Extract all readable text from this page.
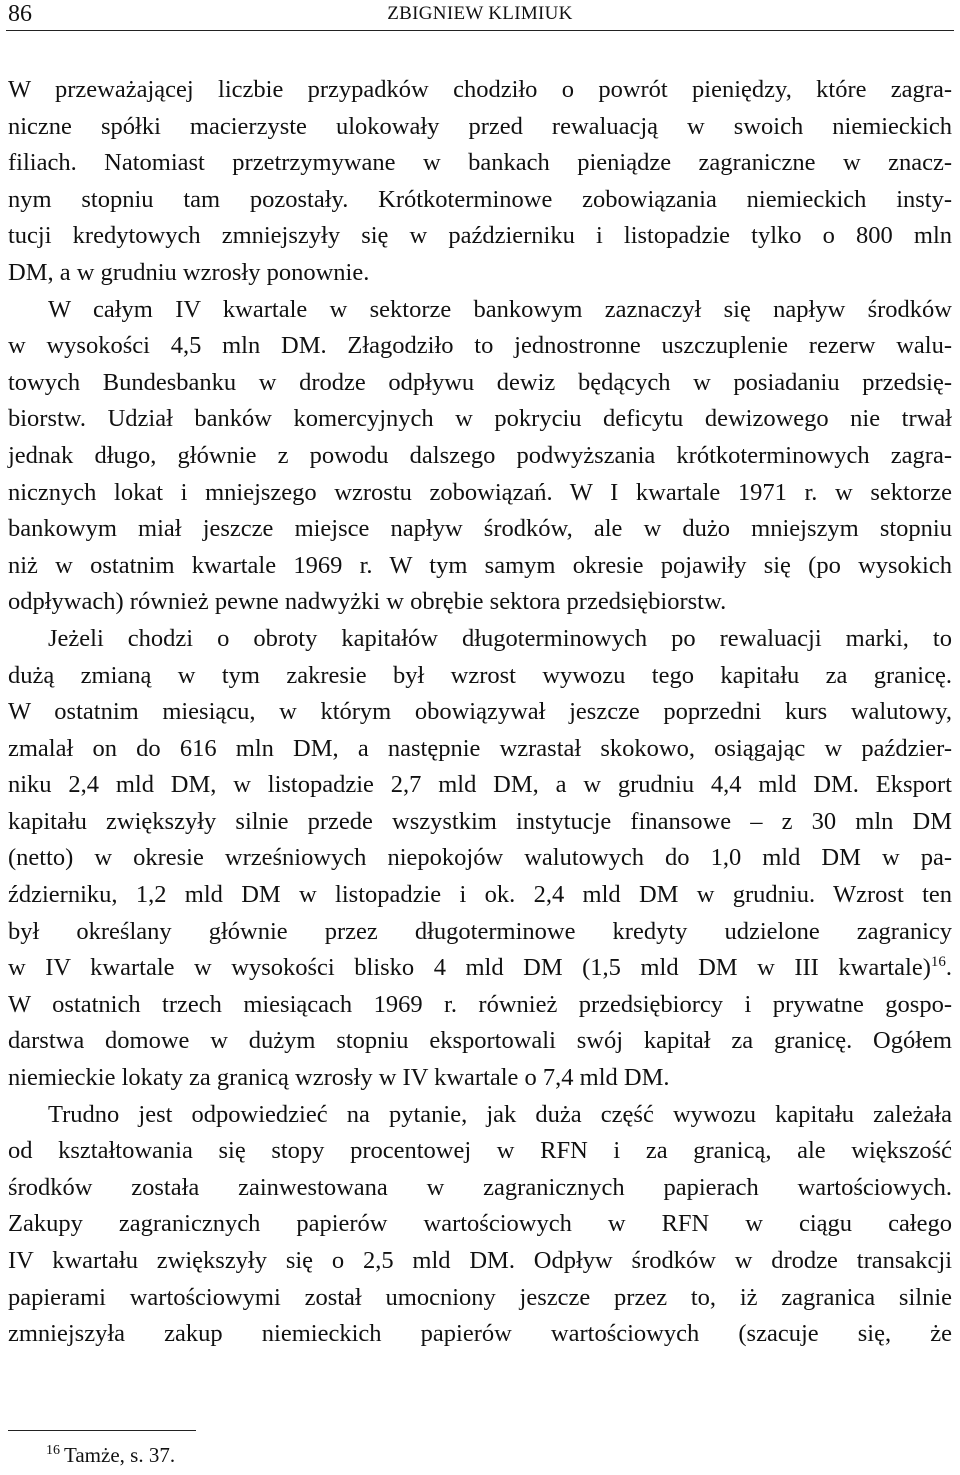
86	ZBIGNIEW KLIMIUK
W przeważającej liczbie przypadków chodziło o powrót pieniędzy, które zagra-
niczne spółki macierzyste ulokowały przed rewaluacją w swoich niemieckich
filiach. Natomiast przetrzymywane w bankach pieniądze zagraniczne w znacz-
nym stopniu tam pozostały. Krótkoterminowe zobowiązania niemieckich insty-
tucji kredytowych zmniejszyły się w październiku i listopadzie tylko o 800 mln
DM, a w grudniu wzrosły ponownie.
W całym IV kwartale w sektorze bankowym zaznaczył się napływ środków
w wysokości 4,5 mln DM. Złagodziło to jednostronne uszczuplenie rezerw walu-
towych Bundesbanku w drodze odpływu dewiz będących w posiadaniu przedsię-
biorstw. Udział banków komercyjnych w pokryciu deficytu dewizowego nie trwał
jednak długo, głównie z powodu dalszego podwyższania krótkoterminowych zagra-
nicznych lokat i mniejszego wzrostu zobowiązań. W I kwartale 1971 r. w sektorze
bankowym miał jeszcze miejsce napływ środków, ale w dużo mniejszym stopniu
niż w ostatnim kwartale 1969 r. W tym samym okresie pojawiły się (po wysokich
odpływach) również pewne nadwyżki w obrębie sektora przedsiębiorstw.
Jeżeli chodzi o obroty kapitałów długoterminowych po rewaluacji marki, to
dużą zmianą w tym zakresie był wzrost wywozu tego kapitału za granicę.
W ostatnim miesiącu, w którym obowiązywał jeszcze poprzedni kurs walutowy,
zmalał on do 616 mln DM, a następnie wzrastał skokowo, osiągając w paździer-
niku 2,4 mld DM, w listopadzie 2,7 mld DM, a w grudniu 4,4 mld DM. Eksport
kapitału zwiększyły silnie przede wszystkim instytucje finansowe – z 30 mln DM
(netto) w okresie wrześniowych niepokojów walutowych do 1,0 mld DM w pa-
ździerniku, 1,2 mld DM w listopadzie i ok. 2,4 mld DM w grudniu. Wzrost ten
był określany głównie przez długoterminowe kredyty udzielone zagranicy
w IV kwartale w wysokości blisko 4 mld DM (1,5 mld DM w III kwartale)$^{16}$.
W ostatnich trzech miesiącach 1969 r. również przedsiębiorcy i prywatne gospo-
darstwa domowe w dużym stopniu eksportowali swój kapitał za granicę. Ogółem
niemieckie lokaty za granicą wzrosły w IV kwartale o 7,4 mld DM.
Trudno jest odpowiedzieć na pytanie, jak duża część wywozu kapitału zależała
od kształtowania się stopy procentowej w RFN i za granicą, ale większość
środków została zainwestowana w zagranicznych papierach wartościowych.
Zakupy zagranicznych papierów wartościowych w RFN w ciągu całego
IV kwartału zwiększyły się o 2,5 mld DM. Odpływ środków w drodze transakcji
papierami wartościowymi został umocniony jeszcze przez to, iż zagranica silnie
zmniejszyła zakup niemieckich papierów wartościowych (szacuje się, że
$^{16}$ Tamże, s. 37.
